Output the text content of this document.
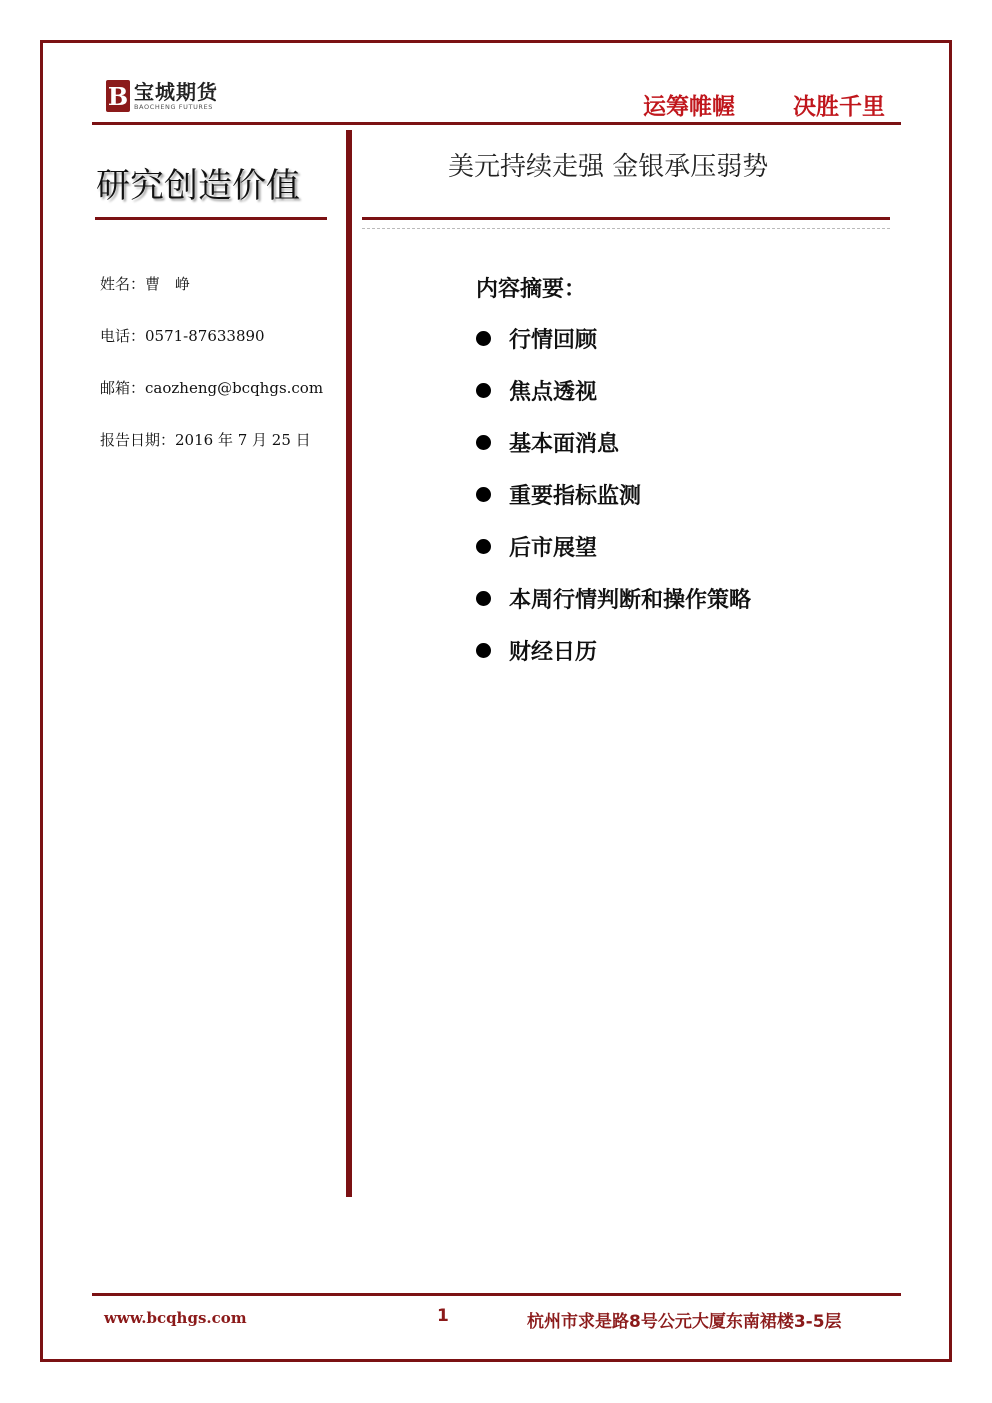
B 宝城期货
BAOCHENG FUTURES	运筹帷幄	决胜千里
研究创造价值	美元持续走强 金银承压弱势
姓名：曹　峥
电话：0571-87633890
邮箱：caozheng@bcqhgs.com
报告日期：2016 年 7 月 25 日
内容摘要：
行情回顾
焦点透视
基本面消息
重要指标监测
后市展望
本周行情判断和操作策略
财经日历
www.bcqhgs.com	1	杭州市求是路8号公元大厦东南裙楼3-5层
